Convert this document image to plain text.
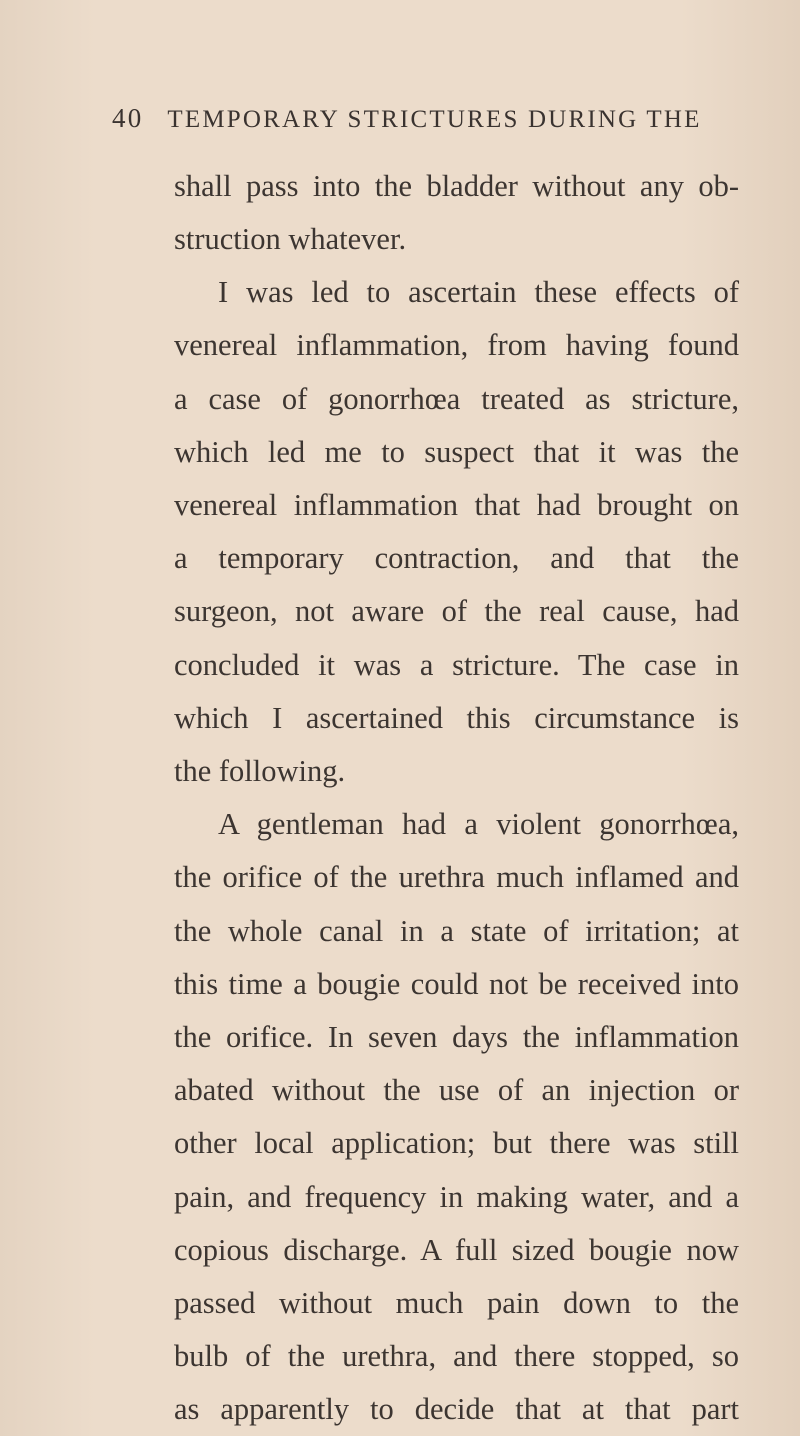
40 TEMPORARY STRICTURES DURING THE
shall pass into the bladder without any ob-
struction whatever.
I was led to ascertain these effects of
venereal inflammation, from having found
a case of gonorrhœa treated as stricture,
which led me to suspect that it was the
venereal inflammation that had brought on
a temporary contraction, and that the
surgeon, not aware of the real cause, had
concluded it was a stricture. The case in
which I ascertained this circumstance is
the following.
A gentleman had a violent gonorrhœa,
the orifice of the urethra much inflamed and
the whole canal in a state of irritation; at
this time a bougie could not be received into
the orifice. In seven days the inflammation
abated without the use of an injection or
other local application; but there was still
pain, and frequency in making water, and a
copious discharge. A full sized bougie now
passed without much pain down to the
bulb of the urethra, and there stopped, so
as apparently to decide that at that part
